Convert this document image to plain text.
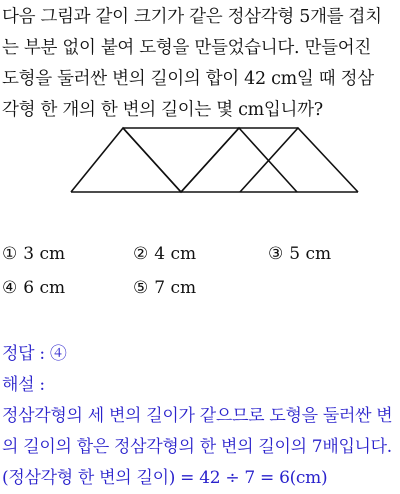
다음 그림과 같이 크기가 같은 정삼각형 5개를 겹치
는 부분 없이 붙여 도형을 만들었습니다. 만들어진
도형을 둘러싼 변의 길이의 합이 42 cm일 때 정삼
각형 한 개의 한 변의 길이는 몇 cm입니까?
① 3 cm	② 4 cm	③ 5 cm
④ 6 cm	⑤ 7 cm
정답 : ④
해설 :
정삼각형의 세 변의 길이가 같으므로 도형을 둘러싼 변
의 길이의 합은 정삼각형의 한 변의 길이의 7배입니다.
(정삼각형 한 변의 길이) = 42 ÷ 7 = 6(cm)
